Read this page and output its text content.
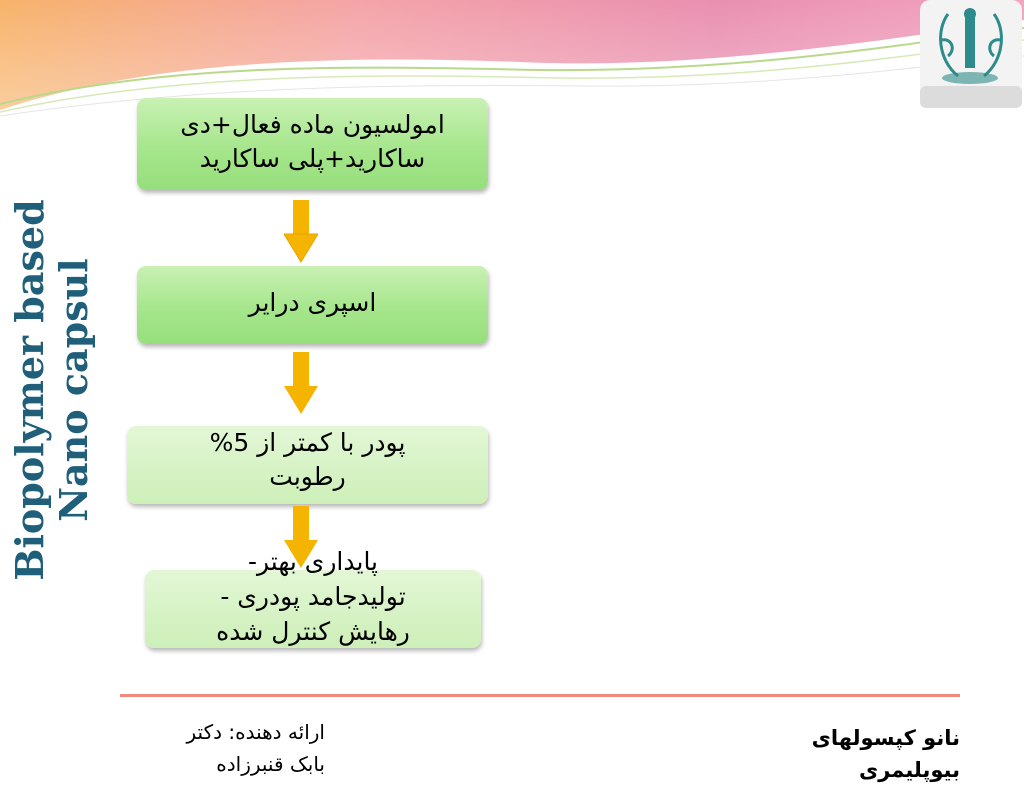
Biopolymer based Nano capsul
امولسیون ماده فعال+دی
ساکارید+پلی ساکارید
اسپری درایر
پودر با کمتر از 5%
رطوبت
پایداری بهتر-
تولیدجامد پودری -
رهایش کنترل شده
ارائه دهنده: دکتر
بابک قنبرزاده
نانو کپسولهای
بیوپلیمری
